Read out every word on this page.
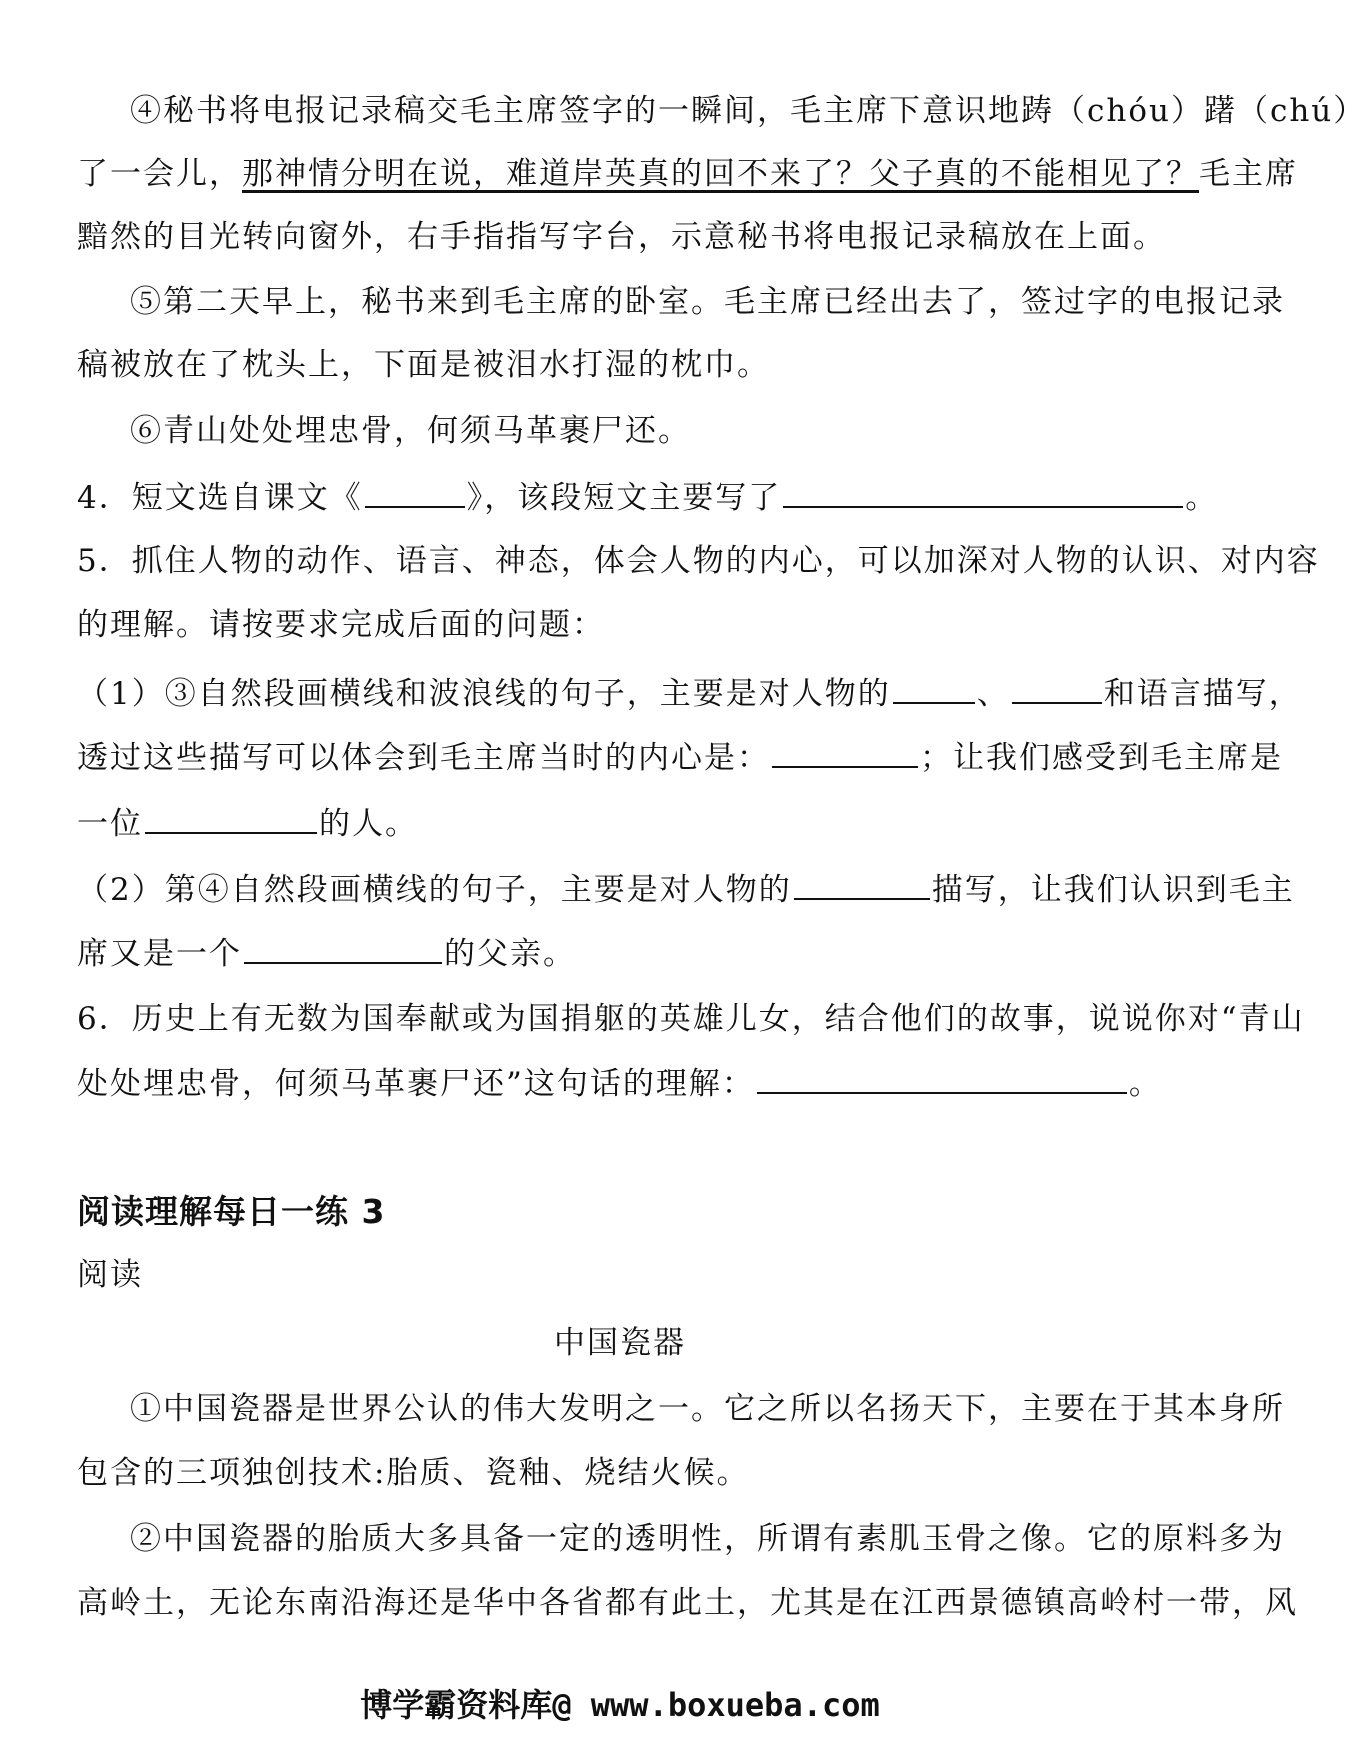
④秘书将电报记录稿交毛主席签字的一瞬间，毛主席下意识地踌（chóu）躇（chú）
了一会儿，那神情分明在说，难道岸英真的回不来了？父子真的不能相见了？毛主席
黯然的目光转向窗外，右手指指写字台，示意秘书将电报记录稿放在上面。
⑤第二天早上，秘书来到毛主席的卧室。毛主席已经出去了，签过字的电报记录
稿被放在了枕头上，下面是被泪水打湿的枕巾。
⑥青山处处埋忠骨，何须马革裹尸还。
4．短文选自课文《	》，该段短文主要写了	。
5．抓住人物的动作、语言、神态，体会人物的内心，可以加深对人物的认识、对内容
的理解。请按要求完成后面的问题：
（1）③自然段画横线和波浪线的句子，主要是对人物的	、	和语言描写，
透过这些描写可以体会到毛主席当时的内心是：	；让我们感受到毛主席是
一位	的人。
（2）第④自然段画横线的句子，主要是对人物的	描写，让我们认识到毛主
席又是一个	的父亲。
6．历史上有无数为国奉献或为国捐躯的英雄儿女，结合他们的故事，说说你对“青山
处处埋忠骨，何须马革裹尸还”这句话的理解：	。
阅读理解每日一练 3
阅读
中国瓷器
①中国瓷器是世界公认的伟大发明之一。它之所以名扬天下，主要在于其本身所
包含的三项独创技术:胎质、瓷釉、烧结火候。
②中国瓷器的胎质大多具备一定的透明性，所谓有素肌玉骨之像。它的原料多为
高岭土，无论东南沿海还是华中各省都有此土，尤其是在江西景德镇高岭村一带，风
博学霸资料库@ www.boxueba.com
